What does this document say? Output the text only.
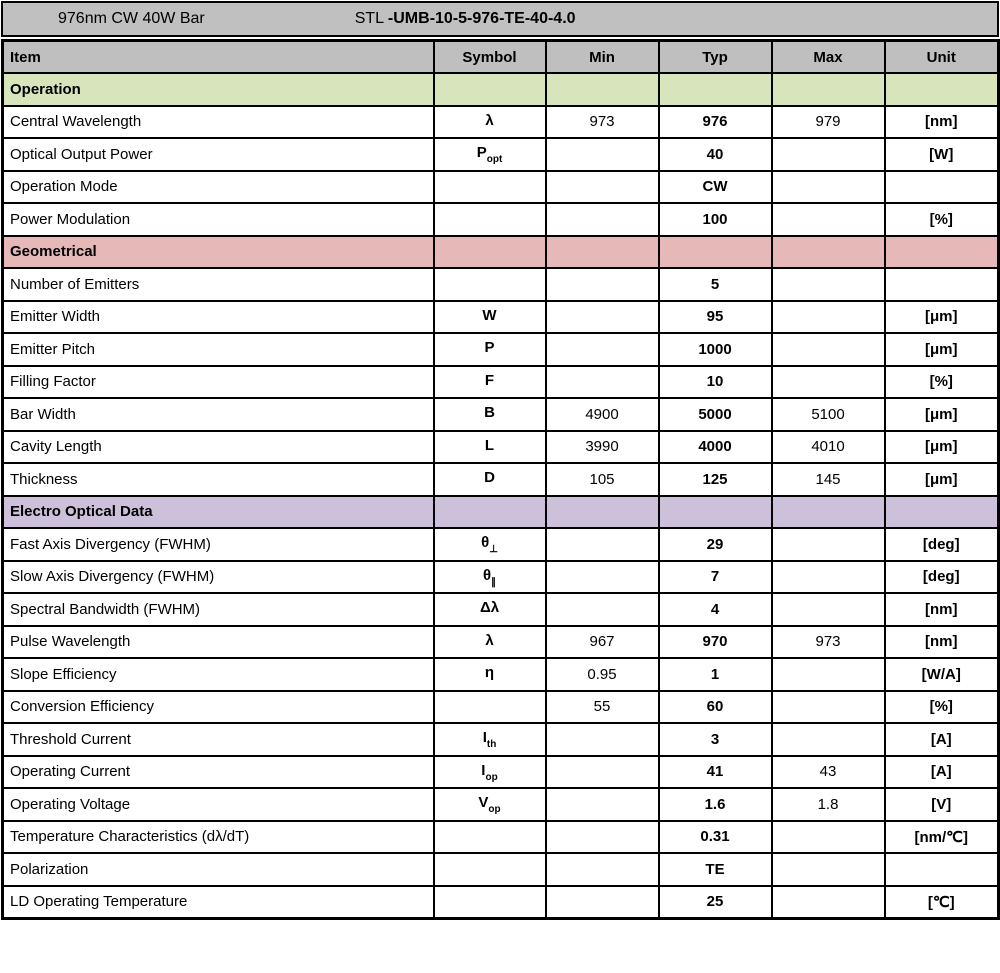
976nm CW 40W Bar	STL -UMB-10-5-976-TE-40-4.0
Item	Symbol	Min	Typ	Max	Unit
Operation					
Central Wavelength	λ	973	976	979	[nm]
Optical Output Power	$P_{opt}$		40		[W]
Operation Mode			CW		
Power Modulation			100		[%]
Geometrical					
Number of Emitters			5		
Emitter Width	W		95		[μm]
Emitter Pitch	P		1000		[μm]
Filling Factor	F		10		[%]
Bar Width	B	4900	5000	5100	[μm]
Cavity Length	L	3990	4000	4010	[μm]
Thickness	D	105	125	145	[μm]
Electro Optical Data					
Fast Axis Divergency (FWHM)	$\theta_\perp$		29		[deg]
Slow Axis Divergency (FWHM)	$\theta_\parallel$		7		[deg]
Spectral Bandwidth (FWHM)	Δλ		4		[nm]
Pulse Wavelength	λ	967	970	973	[nm]
Slope Efficiency	η	0.95	1		[W/A]
Conversion Efficiency		55	60		[%]
Threshold Current	$I_{th}$		3		[A]
Operating Current	$I_{op}$		41	43	[A]
Operating Voltage	$V_{op}$		1.6	1.8	[V]
Temperature Characteristics (dλ/dT)			0.31		[nm/℃]
Polarization			TE		
LD Operating Temperature			25		[℃]
